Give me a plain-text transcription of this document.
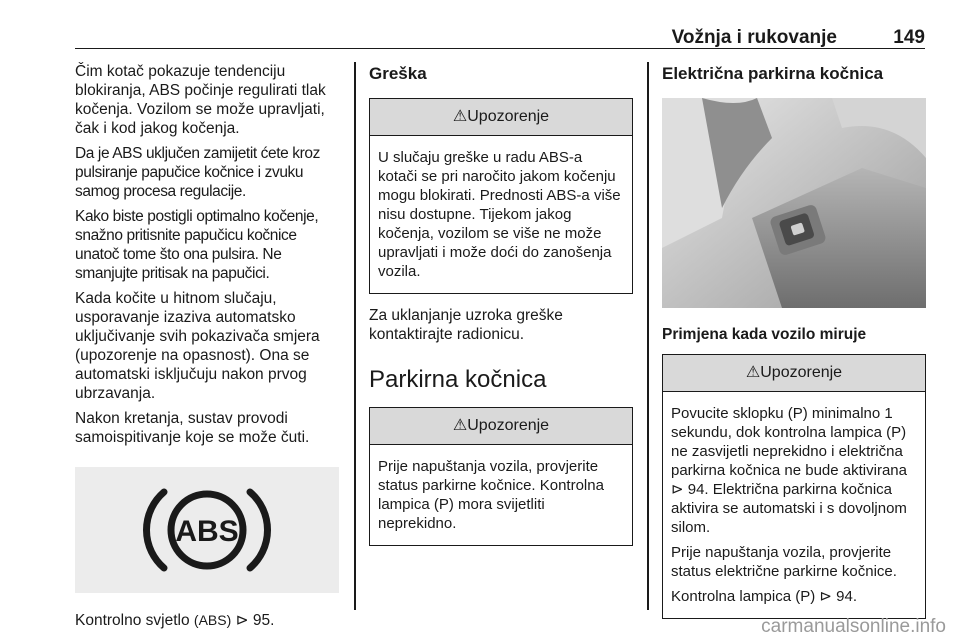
Vožnja i rukovanje	149

Čim kotač pokazuje tendenciju blokiranja, ABS počinje regulirati tlak kočenja. Vozilom se može upravljati, čak i kod jakog kočenja.

Da je ABS uključen zamijetit ćete kroz pulsiranje papučice kočnice i zvuku samog procesa regulacije.

Kako biste postigli optimalno kočenje, snažno pritisnite papučicu kočnice unatoč tome što ona pulsira. Ne smanjujte pritisak na papučici.

Kada kočite u hitnom slučaju, usporavanje izaziva automatsko uključivanje svih pokazivača smjera (upozorenje na opasnost). Ona se automatski isključuju nakon prvog ubrzavanja.

Nakon kretanja, sustav provodi samoispitivanje koje se može čuti.

ABS

Kontrolno svjetlo (ABS) ⊳ 95.

Greška
⚠Upozorenje

U slučaju greške u radu ABS-a kotači se pri naročito jakom kočenju mogu blokirati. Prednosti ABS-a više nisu dostupne. Tijekom jakog kočenja, vozilom se više ne može upravljati i može doći do zanošenja vozila.

Za uklanjanje uzroka greške kontaktirajte radionicu.

Parkirna kočnica
⚠Upozorenje

Prije napuštanja vozila, provjerite status parkirne kočnice. Kontrolna lampica (P) mora svijetliti neprekidno.

Električna parkirna kočnica
Primjena kada vozilo miruje
⚠Upozorenje

Povucite sklopku (P) minimalno 1 sekundu, dok kontrolna lampica (P) ne zasvijetli neprekidno i električna parkirna kočnica ne bude aktivirana ⊳ 94. Električna parkirna kočnica aktivira se automatski i s dovoljnom silom.

Prije napuštanja vozila, provjerite status električne parkirne kočnice.

Kontrolna lampica (P) ⊳ 94.

carmanualsonline.info
